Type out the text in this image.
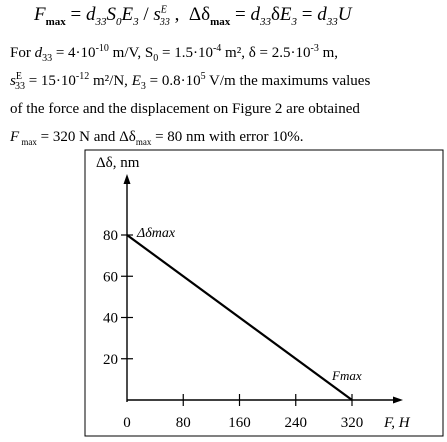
$F_{max} = d_{33}S_0E_3 / s^E_{33}$ ,  $\Delta\delta_{max} = d_{33}\delta E_3 = d_{33}U$
For $d_{33} = 4\cdot 10^{-10}$ m/V, $S_0 = 1.5\cdot 10^{-4}$ m², $\delta = 2.5\cdot 10^{-3}$ m,
$s^E_{33} = 15\cdot 10^{-12}$ m²/N, $E_3 = 0.8\cdot 10^5$ V/m the maximums values
of the force and the displacement on Figure 2 are obtained
F $_{max}$ = 320 N and $\Delta\delta_{max} = 80$ nm with error 10%.
Δδ, nm
20
40
60
80
0	80	160 240 320 F, H
Δδmax
Fmax
